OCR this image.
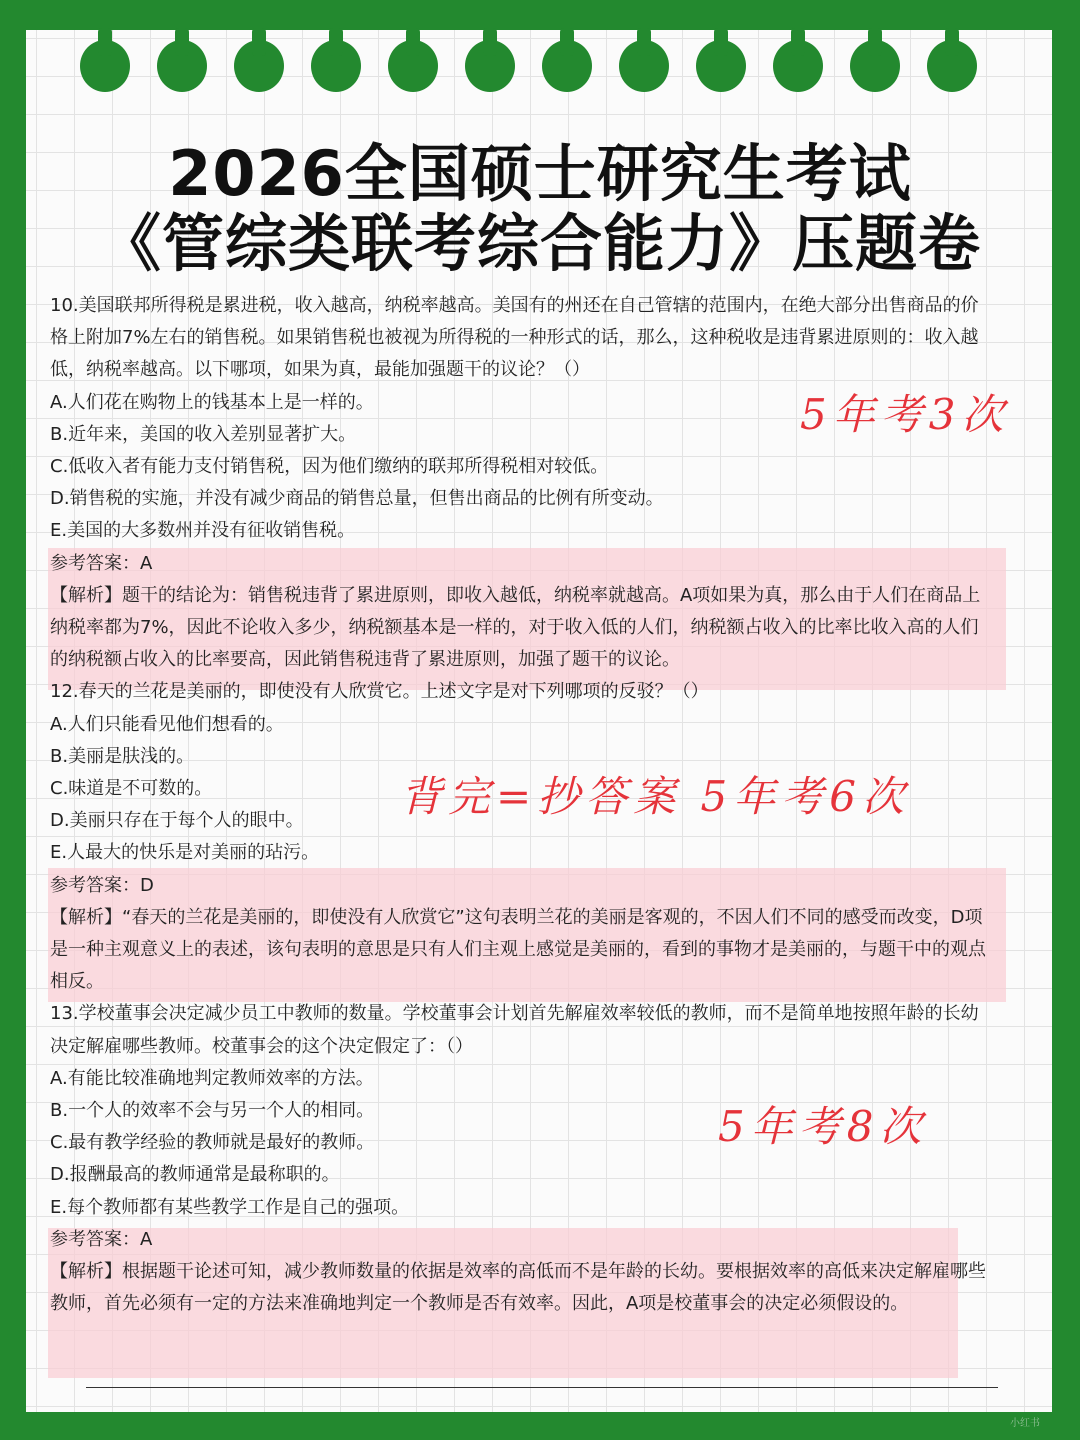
2026全国硕士研究生考试
《管综类联考综合能力》压题卷

10.美国联邦所得税是累进税，收入越高，纳税率越高。美国有的州还在自己管辖的范围内，在绝大部分出售商品的价格上附加7%左右的销售税。如果销售税也被视为所得税的一种形式的话，那么，这种税收是违背累进原则的：收入越低，纳税率越高。以下哪项，如果为真，最能加强题干的议论？（）

A.人们花在购物上的钱基本上是一样的。

B.近年来，美国的收入差别显著扩大。

C.低收入者有能力支付销售税，因为他们缴纳的联邦所得税相对较低。

D.销售税的实施，并没有减少商品的销售总量，但售出商品的比例有所变动。

E.美国的大多数州并没有征收销售税。

参考答案：A

【解析】题干的结论为：销售税违背了累进原则，即收入越低，纳税率就越高。A项如果为真，那么由于人们在商品上纳税率都为7%，因此不论收入多少，纳税额基本是一样的，对于收入低的人们，纳税额占收入的比率比收入高的人们的纳税额占收入的比率要高，因此销售税违背了累进原则，加强了题干的议论。

12.春天的兰花是美丽的，即使没有人欣赏它。上述文字是对下列哪项的反驳？（）

A.人们只能看见他们想看的。

B.美丽是肤浅的。

C.味道是不可数的。

D.美丽只存在于每个人的眼中。

E.人最大的快乐是对美丽的玷污。

参考答案：D

【解析】“春天的兰花是美丽的，即使没有人欣赏它”这句表明兰花的美丽是客观的，不因人们不同的感受而改变，D项是一种主观意义上的表述，该句表明的意思是只有人们主观上感觉是美丽的，看到的事物才是美丽的，与题干中的观点相反。

13.学校董事会决定减少员工中教师的数量。学校董事会计划首先解雇效率较低的教师，而不是简单地按照年龄的长幼决定解雇哪些教师。校董事会的这个决定假定了：（）

A.有能比较准确地判定教师效率的方法。

B.一个人的效率不会与另一个人的相同。

C.最有教学经验的教师就是最好的教师。

D.报酬最高的教师通常是最称职的。

E.每个教师都有某些教学工作是自己的强项。

参考答案：A

【解析】根据题干论述可知，减少教师数量的依据是效率的高低而不是年龄的长幼。要根据效率的高低来决定解雇哪些教师，首先必须有一定的方法来准确地判定一个教师是否有效率。因此，A项是校董事会的决定必须假设的。

5年考3次
背完=抄答案 5年考6次
5年考8次
小红书
